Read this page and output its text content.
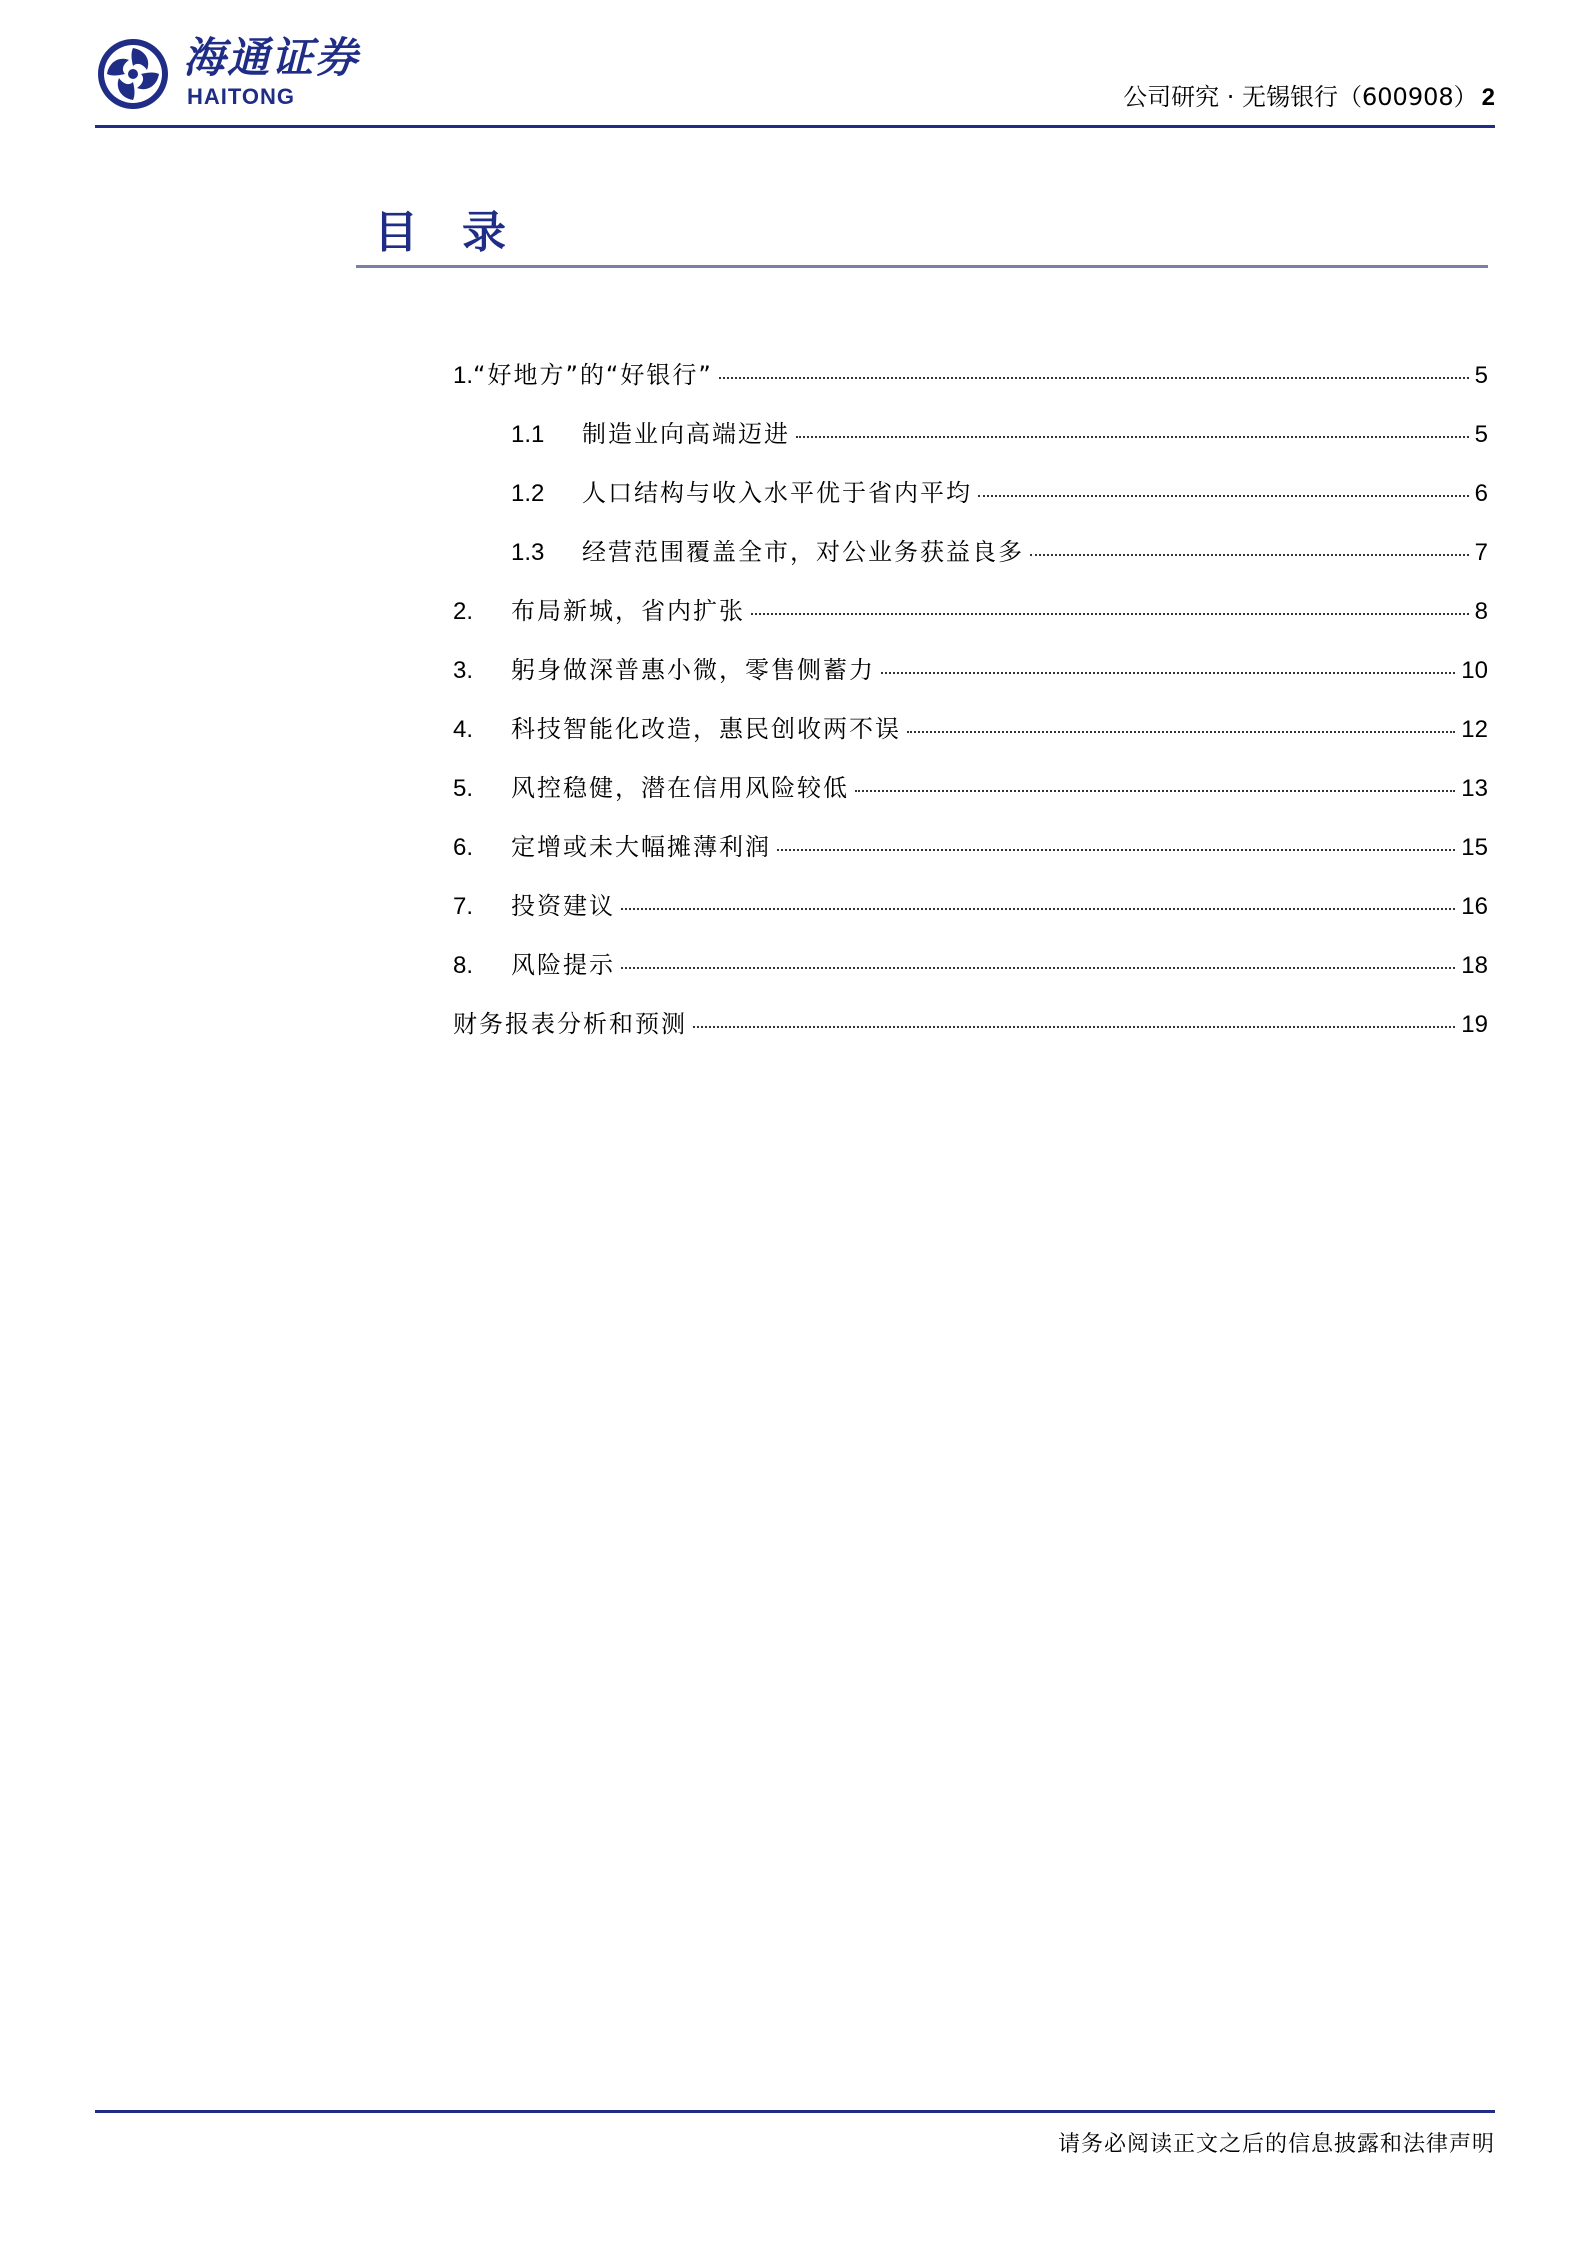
海通证券
HAITONG	公司研究 · 无锡银行（600908） 2
目录
1. “好地方”的“好银行”	5
1.1	制造业向高端迈进	5
1.2	人口结构与收入水平优于省内平均	6
1.3	经营范围覆盖全市，对公业务获益良多	7
2.	布局新城，省内扩张	8
3.	躬身做深普惠小微，零售侧蓄力	10
4.	科技智能化改造，惠民创收两不误	12
5.	风控稳健，潜在信用风险较低	13
6.	定增或未大幅摊薄利润	15
7.	投资建议	16
8.	风险提示	18
财务报表分析和预测	19
请务必阅读正文之后的信息披露和法律声明
